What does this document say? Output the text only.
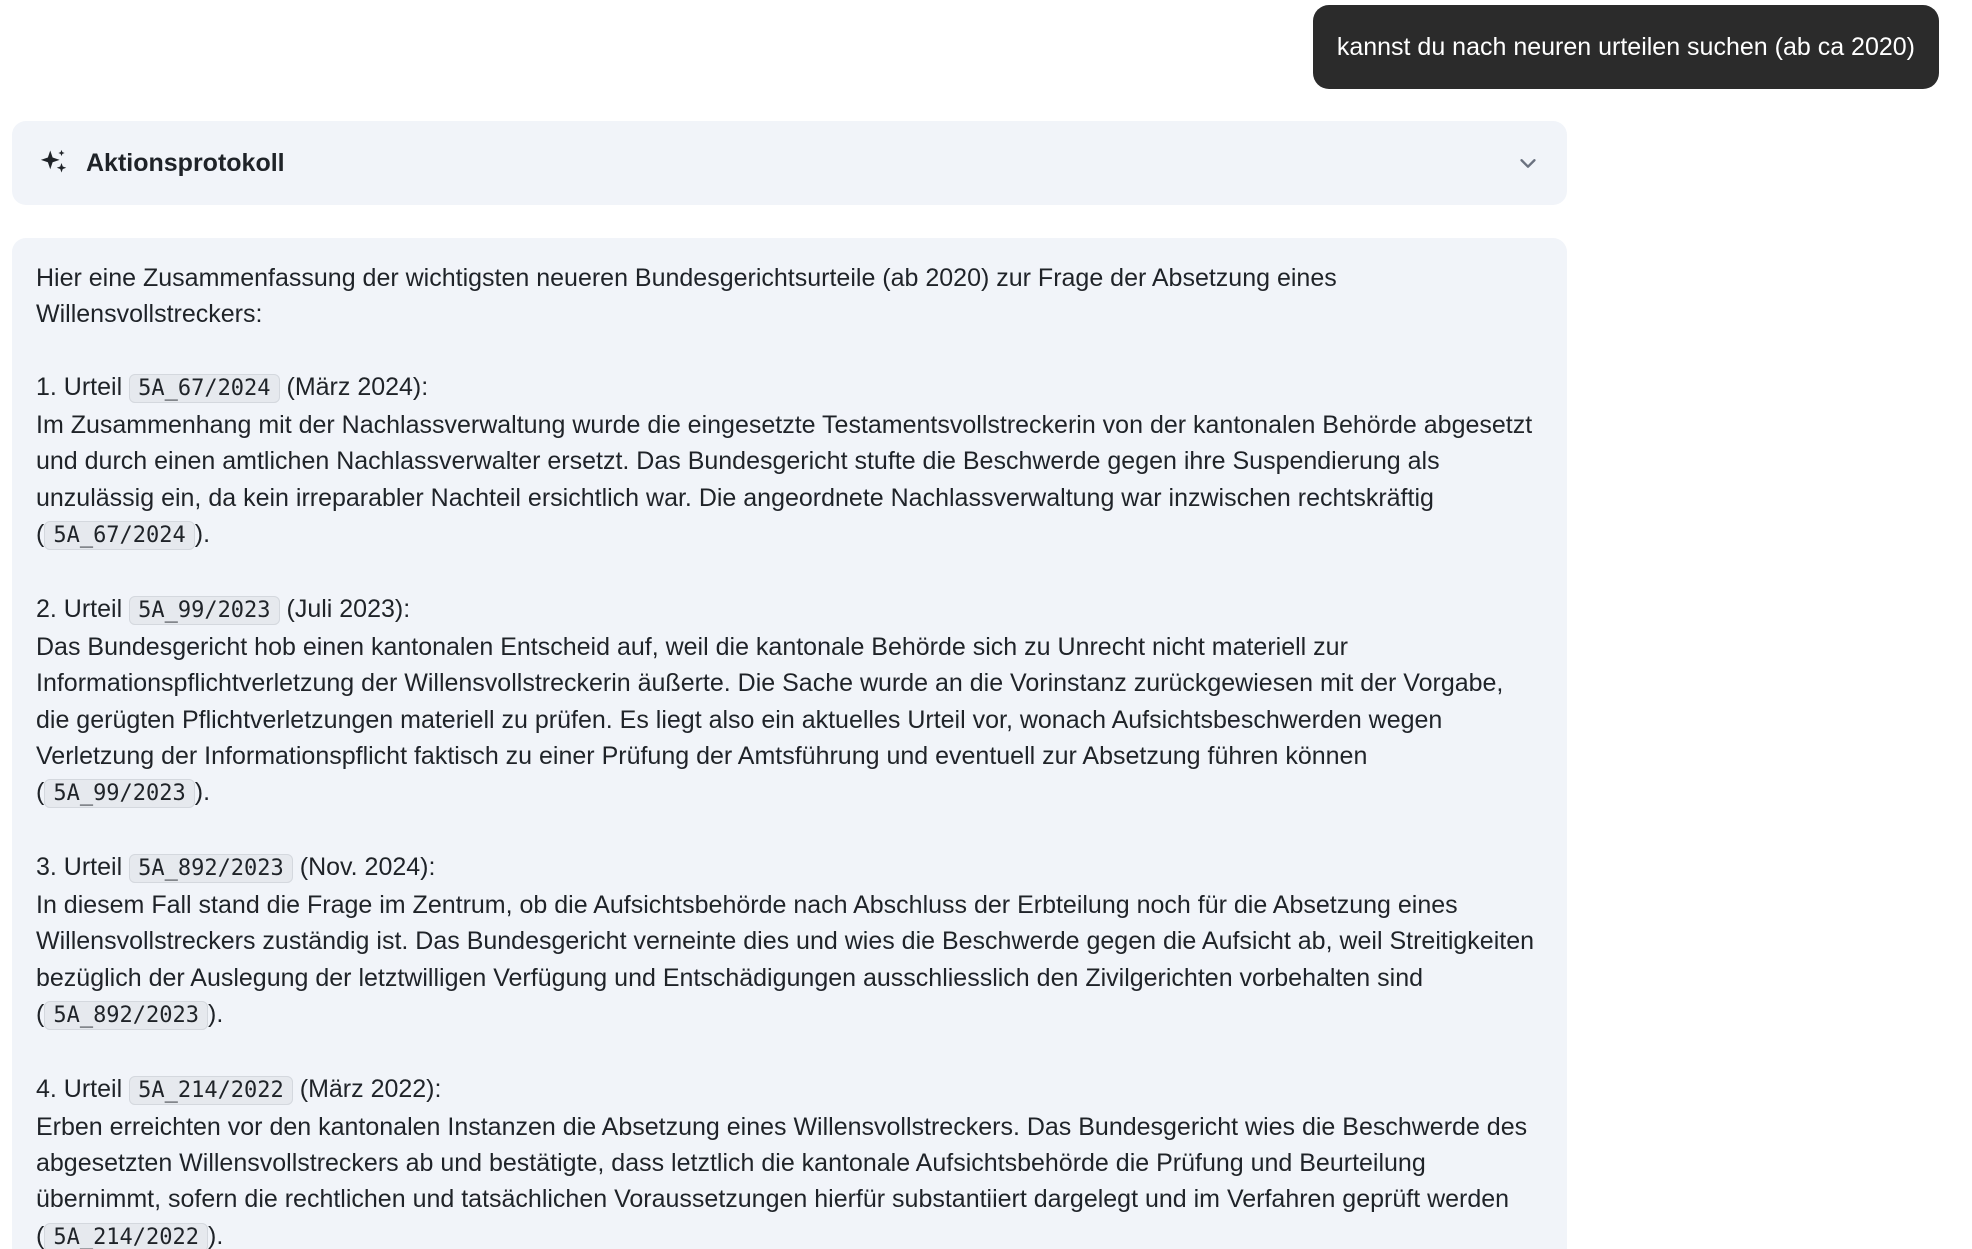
kannst du nach neuren urteilen suchen (ab ca 2020)
Aktionsprotokoll

Hier eine Zusammenfassung der wichtigsten neueren Bundesgerichtsurteile (ab 2020) zur Frage der Absetzung eines Willensvollstreckers:

1. Urteil 5A_67/2024 (März 2024):

Im Zusammenhang mit der Nachlassverwaltung wurde die eingesetzte Testamentsvollstreckerin von der kantonalen Behörde abgesetzt und durch einen amtlichen Nachlassverwalter ersetzt. Das Bundesgericht stufte die Beschwerde gegen ihre Suspendierung als unzulässig ein, da kein irreparabler Nachteil ersichtlich war. Die angeordnete Nachlassverwaltung war inzwischen rechtskräftig ( 5A_67/2024 ).

2. Urteil 5A_99/2023 (Juli 2023):

Das Bundesgericht hob einen kantonalen Entscheid auf, weil die kantonale Behörde sich zu Unrecht nicht materiell zur Informationspflichtverletzung der Willensvollstreckerin äußerte. Die Sache wurde an die Vorinstanz zurückgewiesen mit der Vorgabe, die gerügten Pflichtverletzungen materiell zu prüfen. Es liegt also ein aktuelles Urteil vor, wonach Aufsichtsbeschwerden wegen Verletzung der Informationspflicht faktisch zu einer Prüfung der Amtsführung und eventuell zur Absetzung führen können ( 5A_99/2023 ).

3. Urteil 5A_892/2023 (Nov. 2024):

In diesem Fall stand die Frage im Zentrum, ob die Aufsichtsbehörde nach Abschluss der Erbteilung noch für die Absetzung eines Willensvollstreckers zuständig ist. Das Bundesgericht verneinte dies und wies die Beschwerde gegen die Aufsicht ab, weil Streitigkeiten bezüglich der Auslegung der letztwilligen Verfügung und Entschädigungen ausschliesslich den Zivilgerichten vorbehalten sind ( 5A_892/2023 ).

4. Urteil 5A_214/2022 (März 2022):

Erben erreichten vor den kantonalen Instanzen die Absetzung eines Willensvollstreckers. Das Bundesgericht wies die Beschwerde des abgesetzten Willensvollstreckers ab und bestätigte, dass letztlich die kantonale Aufsichtsbehörde die Prüfung und Beurteilung übernimmt, sofern die rechtlichen und tatsächlichen Voraussetzungen hierfür substantiiert dargelegt und im Verfahren geprüft werden ( 5A_214/2022 ).
